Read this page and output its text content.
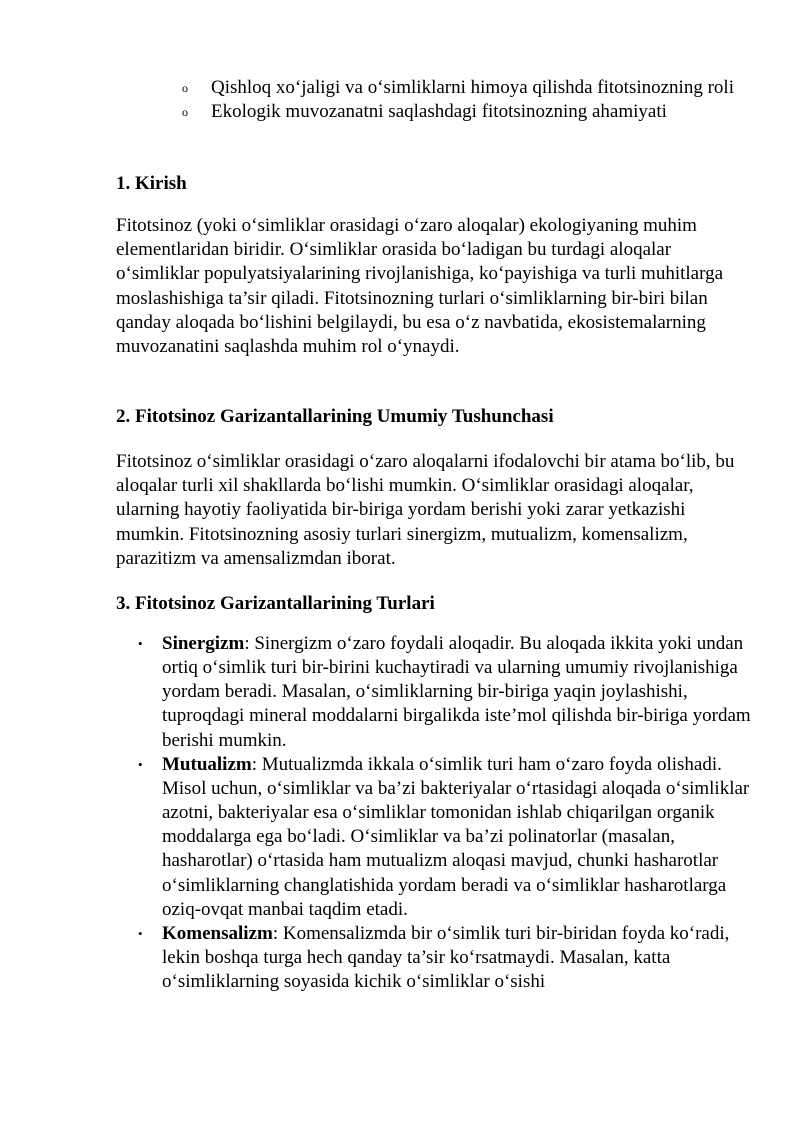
o Qishloq xo‘jaligi va o‘simliklarni himoya qilishda fitotsinozning roli
o Ekologik muvozanatni saqlashdagi fitotsinozning ahamiyati
1. Kirish

Fitotsinoz (yoki o‘simliklar orasidagi o‘zaro aloqalar) ekologiyaning muhim elementlaridan biridir. O‘simliklar orasida bo‘ladigan bu turdagi aloqalar o‘simliklar populyatsiyalarining rivojlanishiga, ko‘payishiga va turli muhitlarga moslashishiga ta’sir qiladi. Fitotsinozning turlari o‘simliklarning bir-biri bilan qanday aloqada bo‘lishini belgilaydi, bu esa o‘z navbatida, ekosistemalarning muvozanatini saqlashda muhim rol o‘ynaydi.

2. Fitotsinoz Garizantallarining Umumiy Tushunchasi

Fitotsinoz o‘simliklar orasidagi o‘zaro aloqalarni ifodalovchi bir atama bo‘lib, bu aloqalar turli xil shakllarda bo‘lishi mumkin. O‘simliklar orasidagi aloqalar, ularning hayotiy faoliyatida bir-biriga yordam berishi yoki zarar yetkazishi mumkin. Fitotsinozning asosiy turlari sinergizm, mutualizm, komensalizm, parazitizm va amensalizmdan iborat.

3. Fitotsinoz Garizantallarining Turlari
• Sinergizm: Sinergizm o‘zaro foydali aloqadir. Bu aloqada ikkita yoki undan ortiq o‘simlik turi bir-birini kuchaytiradi va ularning umumiy rivojlanishiga yordam beradi. Masalan, o‘simliklarning bir-biriga yaqin joylashishi, tuproqdagi mineral moddalarni birgalikda iste’mol qilishda bir-biriga yordam berishi mumkin.
• Mutualizm: Mutualizmda ikkala o‘simlik turi ham o‘zaro foyda olishadi. Misol uchun, o‘simliklar va ba’zi bakteriyalar o‘rtasidagi aloqada o‘simliklar azotni, bakteriyalar esa o‘simliklar tomonidan ishlab chiqarilgan organik moddalarga ega bo‘ladi. O‘simliklar va ba’zi polinatorlar (masalan, hasharotlar) o‘rtasida ham mutualizm aloqasi mavjud, chunki hasharotlar o‘simliklarning changlatishida yordam beradi va o‘simliklar hasharotlarga oziq-ovqat manbai taqdim etadi.
• Komensalizm: Komensalizmda bir o‘simlik turi bir-biridan foyda ko‘radi, lekin boshqa turga hech qanday ta’sir ko‘rsatmaydi. Masalan, katta o‘simliklarning soyasida kichik o‘simliklar o‘sishi
